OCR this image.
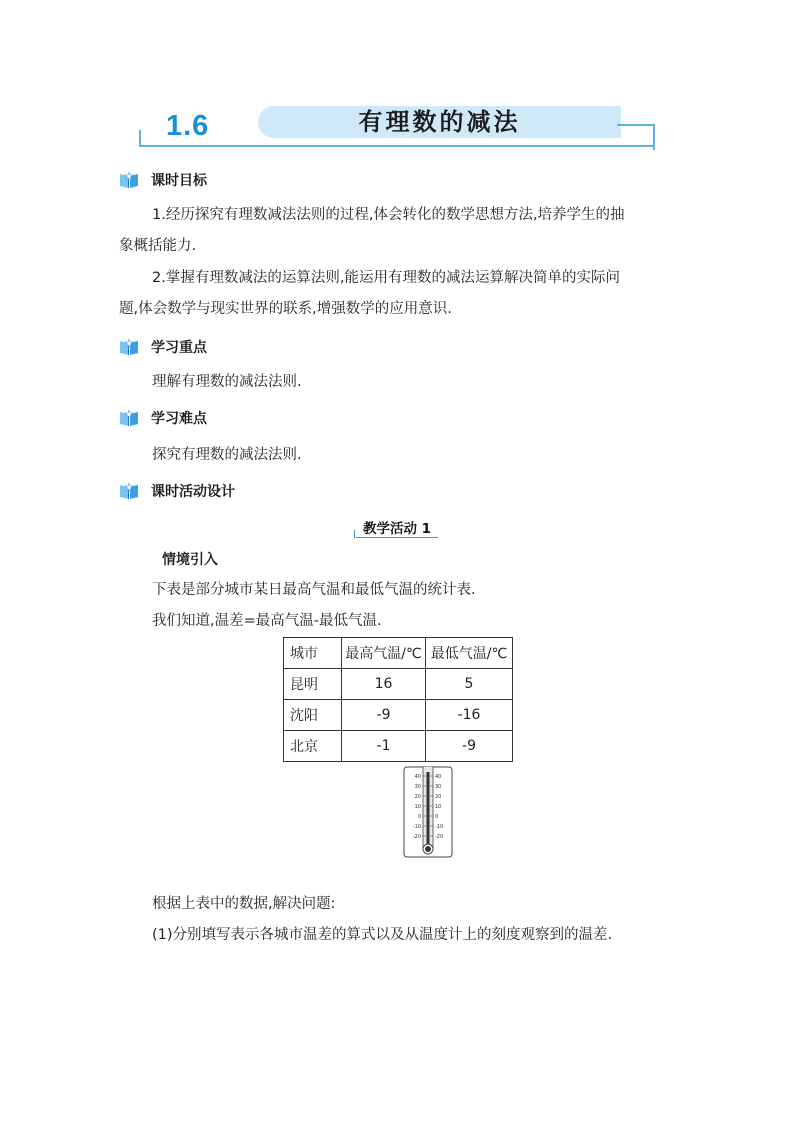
1.6	有理数的减法
课时目标
1.经历探究有理数减法法则的过程,体会转化的数学思想方法,培养学生的抽
象概括能力.
2.掌握有理数减法的运算法则,能运用有理数的减法运算解决简单的实际问
题,体会数学与现实世界的联系,增强数学的应用意识.
学习重点
理解有理数的减法法则.
学习难点
探究有理数的减法法则.
课时活动设计
教学活动 1
情境引入
下表是部分城市某日最高气温和最低气温的统计表.
我们知道,温差=最高气温-最低气温.
城市	最高气温/℃	最低气温/℃
昆明	16	5
沈阳	-9	-16
北京	-1	-9
40
30
20
10
0
-10
-20
40
30
20
10
0
-10
-20
根据上表中的数据,解决问题:
(1)分别填写表示各城市温差的算式以及从温度计上的刻度观察到的温差.
